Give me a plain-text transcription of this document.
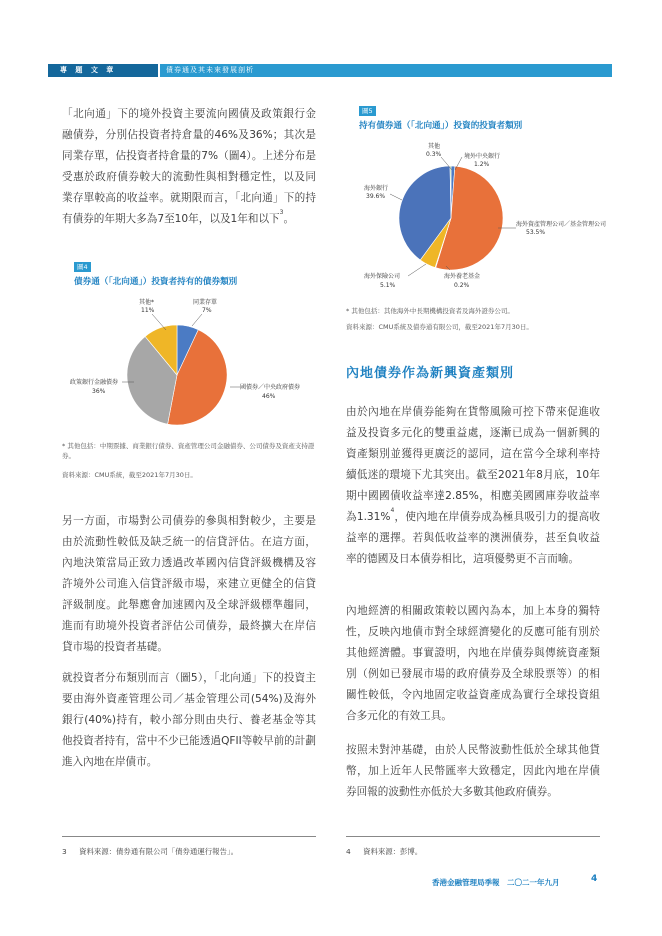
專 題 文 章	債券通及其未來發展剖析

「北向通」下的境外投資主要流向國債及政策銀行金融債券，分別佔投資者持倉量的46%及36%；其次是同業存單，佔投資者持倉量的7%（圖4）。上述分布是受惠於政府債券較大的流動性與相對穩定性，以及同業存單較高的收益率。就期限而言，「北向通」下的持有債券的年期大多為7至10年，以及1年和以下$^3$。

圖4
債券通（「北向通」）投資者持有的債券類別
其他*
11%
同業存單
7%
國債券／中央政府債券
46%
政策銀行金融債券
36%
* 其他包括：中期票據、商業銀行債券、資產管理公司金融債券、公司債券及資產支持證券。
資料來源：CMU系統，截至2021年7月30日。
另一方面，市場對公司債券的參與相對較少，主要是由於流動性較低及缺乏統一的信貸評估。在這方面，內地決策當局正致力透過改革國內信貸評級機構及容許境外公司進入信貸評級市場，來建立更健全的信貸評級制度。此舉應會加速國內及全球評級標準趨同，進而有助境外投資者評估公司債券，最終擴大在岸信貸市場的投資者基礎。
就投資者分布類別而言（圖5），「北向通」下的投資主要由海外資產管理公司／基金管理公司(54%)及海外銀行(40%)持有，較小部分則由央行、養老基金等其他投資者持有，當中不少已能透過QFII等較早前的計劃進入內地在岸債市。
圖5
持有債券通（「北向通」）投資的投資者類別
其他
0.3%	境外中央銀行
1.2%
海外資產管理公司／基金管理公司
53.5%
海外銀行
39.6%
海外保險公司
5.1%
海外養老基金
0.2%
* 其他包括：其他海外中長期機構投資者及海外證券公司。
資料來源：CMU系統及債券通有限公司，截至2021年7月30日。
內地債券作為新興資產類別

由於內地在岸債券能夠在貨幣風險可控下帶來促進收益及投資多元化的雙重益處，逐漸已成為一個新興的資產類別並獲得更廣泛的認同，這在當今全球利率持續低迷的環境下尤其突出。截至2021年8月底，10年期中國國債收益率達2.85%，相應美國國庫券收益率為1.31%$^4$，使內地在岸債券成為極具吸引力的提高收益率的選擇。若與低收益率的澳洲債券，甚至負收益率的德國及日本債券相比，這項優勢更不言而喻。

內地經濟的相關政策較以國內為本，加上本身的獨特性，反映內地債市對全球經濟變化的反應可能有別於其他經濟體。事實證明，內地在岸債券與傳統資產類別（例如已發展市場的政府債券及全球股票等）的相關性較低，令內地固定收益資產成為實行全球投資組合多元化的有效工具。
按照未對沖基礎，由於人民幣波動性低於全球其他貨幣，加上近年人民幣匯率大致穩定，因此內地在岸債券回報的波動性亦低於大多數其他政府債券。
3 資料來源：債券通有限公司「債券通運行報告」。	4 資料來源：彭博。
香港金融管理局季報　二〇二一年九月	4
